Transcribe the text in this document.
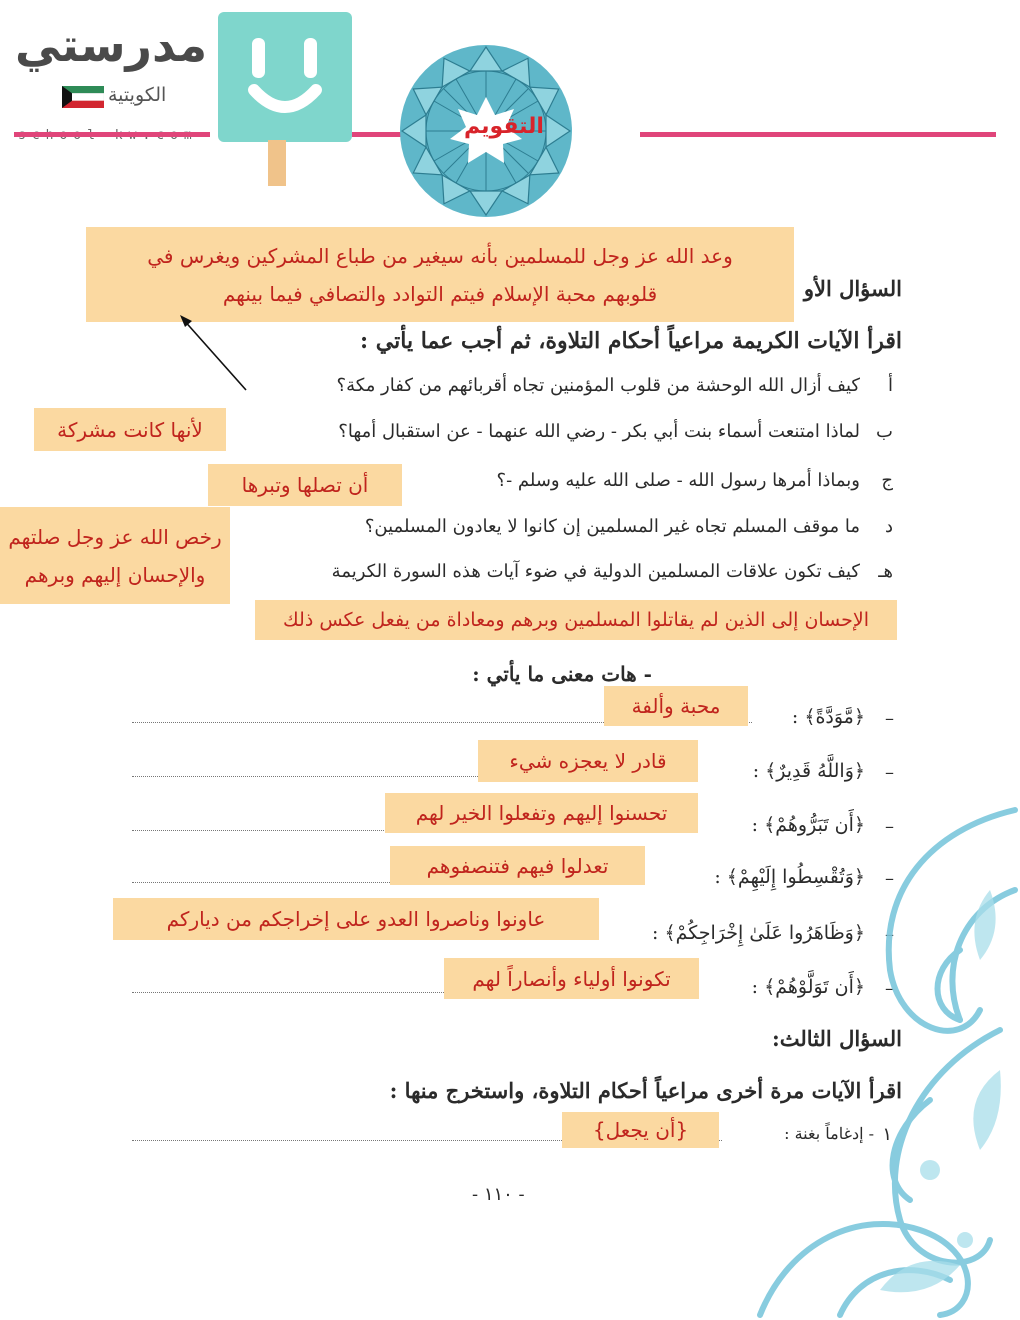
مدرستي
الكويتية
التقويم
السؤال الأو
اقرأ الآيات الكريمة مراعياً أحكام التلاوة، ثم أجب عما يأتي :
أ
كيف أزال الله الوحشة من قلوب المؤمنين تجاه أقربائهم من كفار مكة؟
ب
لماذا امتنعت أسماء بنت أبي بكر - رضي الله عنهما - عن استقبال أمها؟
ج
وبماذا أمرها رسول الله - صلى الله عليه وسلم -؟
د
ما موقف المسلم تجاه غير المسلمين إن كانوا لا يعادون المسلمين؟
هـ
كيف تكون علاقات المسلمين الدولية في ضوء آيات هذه السورة الكريمة
وعد الله عز وجل للمسلمين بأنه سيغير من طباع المشركين ويغرس في
قلوبهم محبة الإسلام فيتم التوادد والتصافي فيما بينهم
لأنها كانت مشركة
أن تصلها وتبرها
رخص الله عز وجل صلتهم
والإحسان إليهم وبرهم
الإحسان إلى الذين لم يقاتلوا المسلمين وبرهم ومعاداة من يفعل عكس ذلك
- هات معنى ما يأتي :
﴿مَّوَدَّةً﴾ : –
محبة وألفة
﴿وَاللَّهُ قَدِيرٌ﴾ : –
قادر لا يعجزه شيء
﴿أَن تَبَرُّوهُمْ﴾ : –
تحسنوا إليهم وتفعلوا الخير لهم
﴿وَتُقْسِطُوا إِلَيْهِمْ﴾ : –
تعدلوا فيهم فتنصفوهم
﴿وَظَاهَرُوا عَلَىٰ إِخْرَاجِكُمْ﴾ : –
عاونوا وناصروا العدو على إخراجكم من دياركم
﴿أَن تَوَلَّوْهُمْ﴾ : –
تكونوا أولياء وأنصاراً لهم
السؤال الثالث:
اقرأ الآيات مرة أخرى مراعياً أحكام التلاوة، واستخرج منها :
١
- إدغاماً بغنة :
{أن يجعل}
- ١١٠ -
